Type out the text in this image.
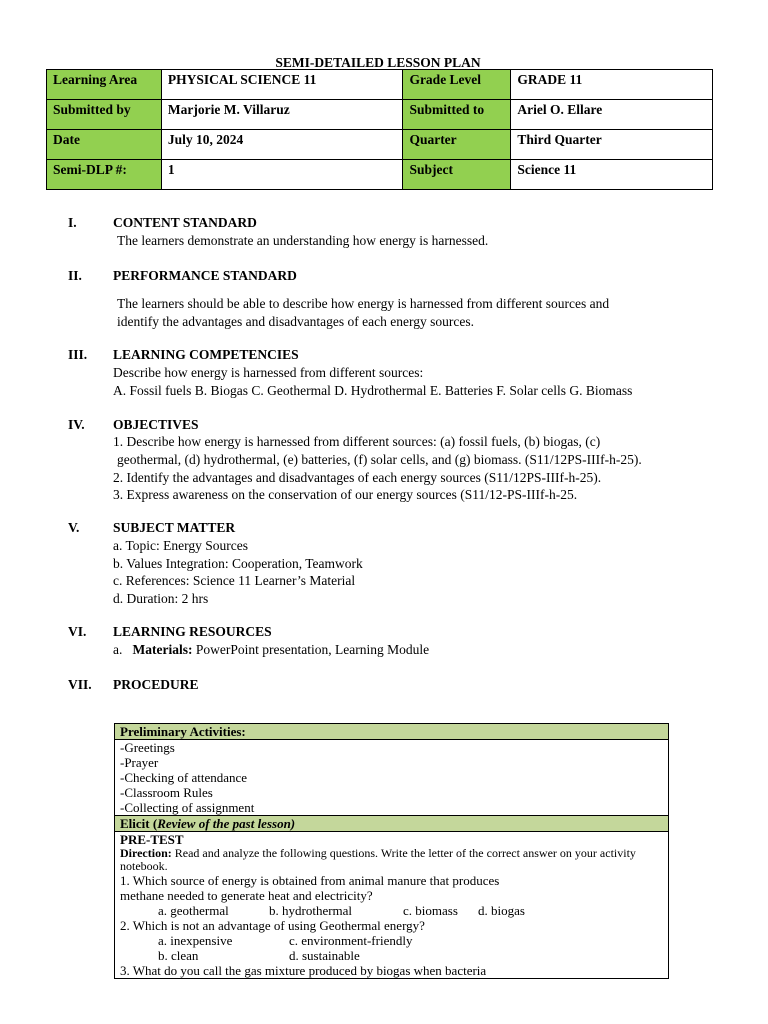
SEMI-DETAILED LESSON PLAN
Learning Area	PHYSICAL SCIENCE 11	Grade Level	GRADE 11
Submitted by	Marjorie M. Villaruz	Submitted to	Ariel O. Ellare
Date	July 10, 2024	Quarter	Third Quarter
Semi-DLP #:	1	Subject	Science 11
I.	CONTENT STANDARD
The learners demonstrate an understanding how energy is harnessed.
II. PERFORMANCE STANDARD
The learners should be able to describe how energy is harnessed from different sources and
identify the advantages and disadvantages of each energy sources.
III. LEARNING COMPETENCIES
Describe how energy is harnessed from different sources:
A. Fossil fuels B. Biogas C. Geothermal D. Hydrothermal E. Batteries F. Solar cells G. Biomass
IV. OBJECTIVES
1. Describe how energy is harnessed from different sources: (a) fossil fuels, (b) biogas, (c)
geothermal, (d) hydrothermal, (e) batteries, (f) solar cells, and (g) biomass. (S11/12PS-IIIf-h-25).
2. Identify the advantages and disadvantages of each energy sources (S11/12PS-IIIf-h-25).
3. Express awareness on the conservation of our energy sources (S11/12-PS-IIIf-h-25.
V. SUBJECT MATTER
a. Topic: Energy Sources
b. Values Integration: Cooperation, Teamwork
c. References: Science 11 Learner’s Material
d. Duration: 2 hrs
VI. LEARNING RESOURCES
a. Materials: PowerPoint presentation, Learning Module
VII. PROCEDURE
Preliminary Activities:
-Greetings
-Prayer
-Checking of attendance
-Classroom Rules
-Collecting of assignment
Elicit (Review of the past lesson)
PRE-TEST
Direction: Read and analyze the following questions. Write the letter of the correct answer on your activity notebook.
1. Which source of energy is obtained from animal manure that produces
methane needed to generate heat and electricity?
a. geothermal	b. hydrothermal	c. biomass d. biogas
2. Which is not an advantage of using Geothermal energy?
a. inexpensive	c. environment-friendly
b. clean	d. sustainable
3. What do you call the gas mixture produced by biogas when bacteria
